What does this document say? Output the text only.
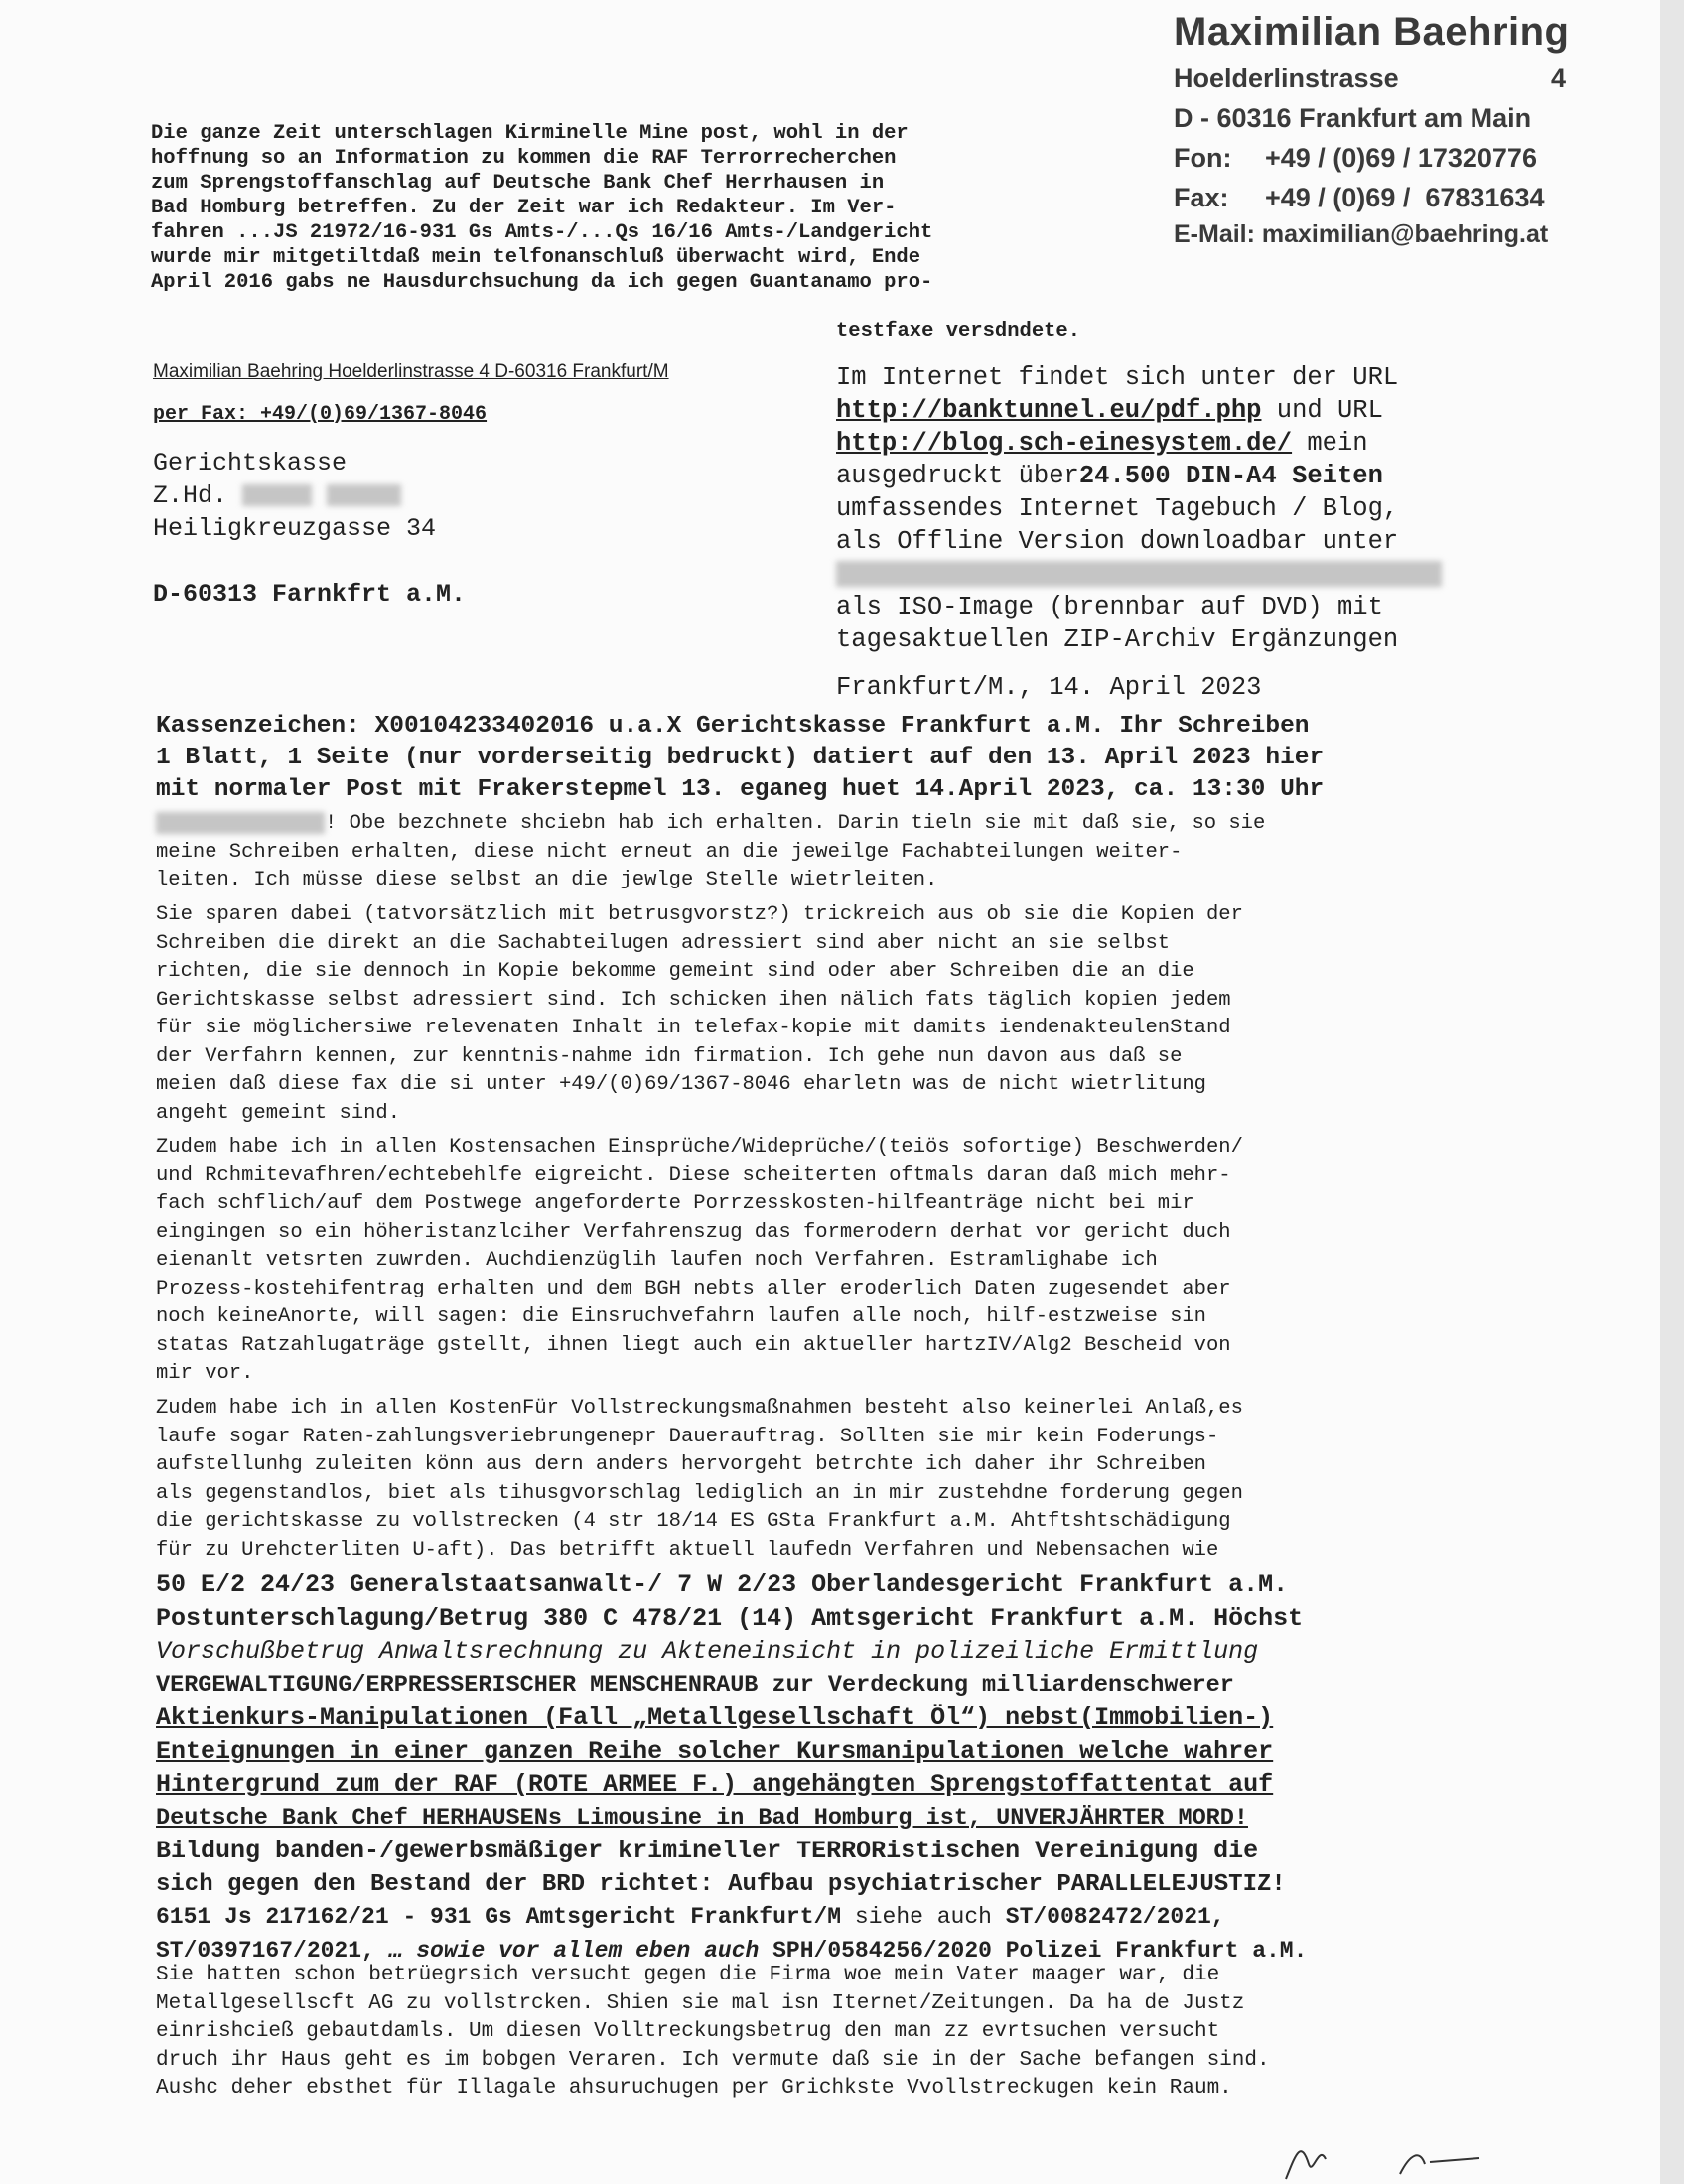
Maximilian Baehring
Hoelderlinstrasse	4
D - 60316 Frankfurt am Main
Fon: +49 / (0)69 / 17320776
Fax: +49 / (0)69 /  67831634
E-Mail: maximilian@baehring.at
Die ganze Zeit unterschlagen Kirminelle Mine post, wohl in der
hoffnung so an Information zu kommen die RAF Terrorrecherchen
zum Sprengstoffanschlag auf Deutsche Bank Chef Herrhausen in
Bad Homburg betreffen. Zu der Zeit war ich Redakteur. Im Ver-
fahren ...JS 21972/16-931 Gs Amts-/...Qs 16/16 Amts-/Landgericht
wurde mir mitgetiltdaß mein telfonanschluß überwacht wird, Ende
April 2016 gabs ne Hausdurchsuchung da ich gegen Guantanamo pro-
testfaxe versdndete.
Maximilian Baehring Hoelderlinstrasse 4 D-60316 Frankfurt/M
per Fax: +49/(0)69/1367-8046
Gerichtskasse
Z.Hd.
Heiligkreuzgasse 34
D-60313 Farnkfrt a.M.
Im Internet findet sich unter der URL
http://banktunnel.eu/pdf.php und URL
http://blog.sch-einesystem.de/ mein
ausgedruckt über24.500 DIN-A4 Seiten
umfassendes Internet Tagebuch / Blog,
als Offline Version downloadbar unter
als ISO-Image (brennbar auf DVD) mit
tagesaktuellen ZIP-Archiv Ergänzungen
Frankfurt/M., 14. April 2023
Kassenzeichen: X00104233402016 u.a.X Gerichtskasse Frankfurt a.M. Ihr Schreiben
1 Blatt, 1 Seite (nur vorderseitig bedruckt) datiert auf den 13. April 2023 hier
mit normaler Post mit Frakerstepmel 13. eganeg huet 14.April 2023, ca. 13:30 Uhr
! Obe bezchnete shciebn hab ich erhalten. Darin tieln sie mit daß sie, so sie
meine Schreiben erhalten, diese nicht erneut an die jeweilge Fachabteilungen weiter-
leiten. Ich müsse diese selbst an die jewlge Stelle wietrleiten.
Sie sparen dabei (tatvorsätzlich mit betrusgvorstz?) trickreich aus ob sie die Kopien der
Schreiben die direkt an die Sachabteilugen adressiert sind aber nicht an sie selbst
richten, die sie dennoch in Kopie bekomme gemeint sind oder aber Schreiben die an die
Gerichtskasse selbst adressiert sind. Ich schicken ihen nälich fats täglich kopien jedem
für sie möglichersiwe relevenaten Inhalt in telefax-kopie mit damits iendenakteulenStand
der Verfahrn kennen, zur kenntnis-nahme idn firmation. Ich gehe nun davon aus daß se
meien daß diese fax die si unter +49/(0)69/1367-8046 eharletn was de nicht wietrlitung
angeht gemeint sind.
Zudem habe ich in allen Kostensachen Einsprüche/Wideprüche/(teiös sofortige) Beschwerden/
und Rchmitevafhren/echtebehlfe eigreicht. Diese scheiterten oftmals daran daß mich mehr-
fach schflich/auf dem Postwege angeforderte Porrzesskosten-hilfeanträge nicht bei mir
eingingen so ein höheristanzlciher Verfahrenszug das formerodern derhat vor gericht duch
eienanlt vetsrten zuwrden. Auchdienzüglih laufen noch Verfahren. Estramlighabe ich
Prozess-kostehifentrag erhalten und dem BGH nebts aller eroderlich Daten zugesendet aber
noch keineAnorte, will sagen: die Einsruchvefahrn laufen alle noch, hilf-estzweise sin
statas Ratzahlugaträge gstellt, ihnen liegt auch ein aktueller hartzIV/Alg2 Bescheid von
mir vor.
Zudem habe ich in allen KostenFür Vollstreckungsmaßnahmen besteht also keinerlei Anlaß,es
laufe sogar Raten-zahlungsveriebrungenepr Dauerauftrag. Sollten sie mir kein Foderungs-
aufstellunhg zuleiten könn aus dern anders hervorgeht betrchte ich daher ihr Schreiben
als gegenstandlos, biet als tihusgvorschlag lediglich an in mir zustehdne forderung gegen
die gerichtskasse zu vollstrecken (4 str 18/14 ES GSta Frankfurt a.M. Ahtftshtschädigung
für zu Urehcterliten U-aft). Das betrifft aktuell laufedn Verfahren und Nebensachen wie
50 E/2 24/23 Generalstaatsanwalt-/ 7 W 2/23 Oberlandesgericht Frankfurt a.M.
Postunterschlagung/Betrug 380 C 478/21 (14) Amtsgericht Frankfurt a.M. Höchst
Vorschußbetrug Anwaltsrechnung zu Akteneinsicht in polizeiliche Ermittlung
VERGEWALTIGUNG/ERPRESSERISCHER MENSCHENRAUB zur Verdeckung milliardenschwerer
Aktienkurs-Manipulationen (Fall „Metallgesellschaft Öl“) nebst(Immobilien-)
Enteignungen in einer ganzen Reihe solcher Kursmanipulationen welche wahrer
Hintergrund zum der RAF (ROTE ARMEE F.) angehängten Sprengstoffattentat auf
Deutsche Bank Chef HERHAUSENs Limousine in Bad Homburg ist, UNVERJÄHRTER MORD!
Bildung banden-/gewerbsmäßiger krimineller TERRORistischen Vereinigung die
sich gegen den Bestand der BRD richtet: Aufbau psychiatrischer PARALLELEJUSTIZ!
6151 Js 217162/21 - 931 Gs Amtsgericht Frankfurt/M siehe auch ST/0082472/2021,
ST/0397167/2021, … sowie vor allem eben auch SPH/0584256/2020 Polizei Frankfurt a.M.
Sie hatten schon betrüegrsich versucht gegen die Firma woe mein Vater maager war, die
Metallgesellscft AG zu vollstrcken. Shien sie mal isn Iternet/Zeitungen. Da ha de Justz
einrishcieß gebautdamls. Um diesen Volltreckungsbetrug den man zz evrtsuchen versucht
druch ihr Haus geht es im bobgen Veraren. Ich vermute daß sie in der Sache befangen sind.
Aushc deher ebsthet für Illagale ahsuruchugen per Grichkste Vvollstreckugen kein Raum.
